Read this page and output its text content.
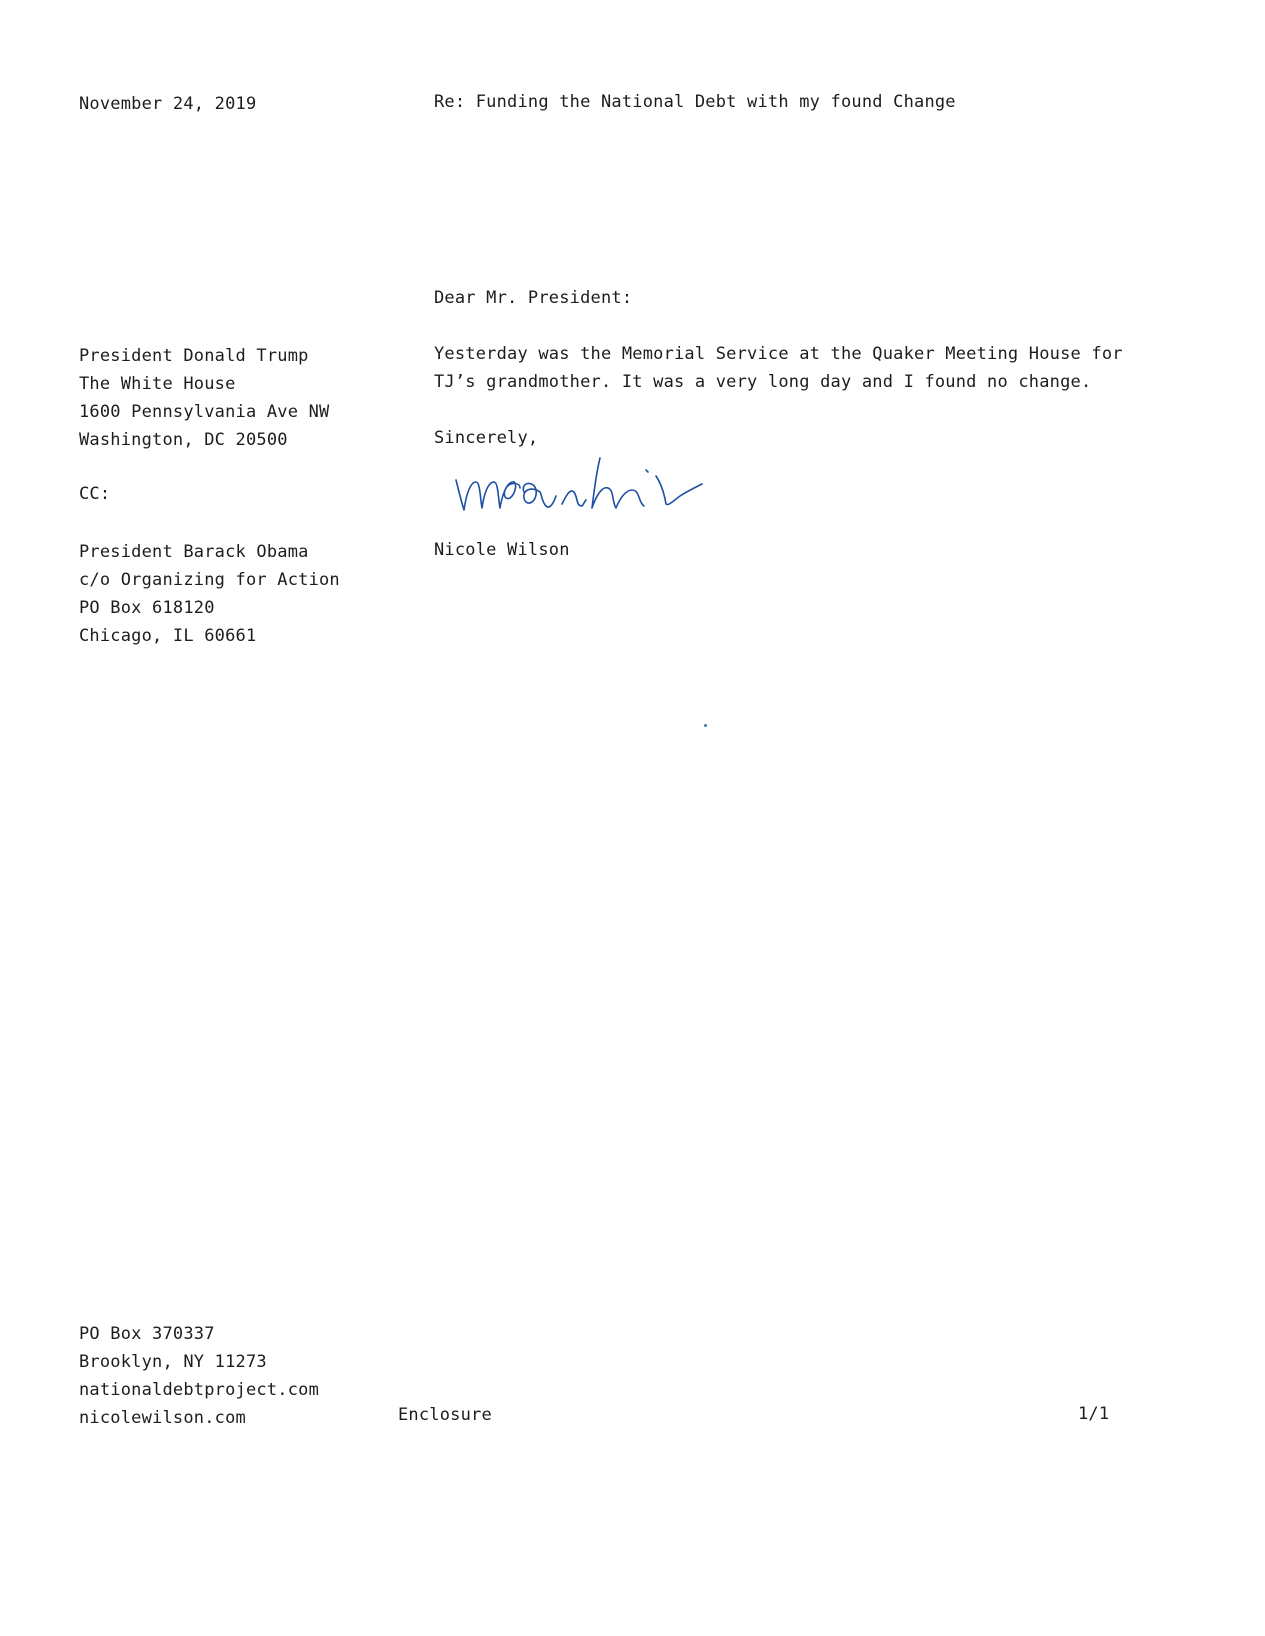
November 24, 2019	Re: Funding the National Debt with my found Change
Dear Mr. President:
President Donald Trump
The White House
1600 Pennsylvania Ave NW
Washington, DC 20500
CC:
President Barack Obama
c/o Organizing for Action
PO Box 618120
Chicago, IL 60661
Yesterday was the Memorial Service at the Quaker Meeting House for
TJ’s grandmother. It was a very long day and I found no change.
Sincerely,
Nicole Wilson
PO Box 370337
Brooklyn, NY 11273
nationaldebtproject.com
nicolewilson.com	Enclosure	1/1
